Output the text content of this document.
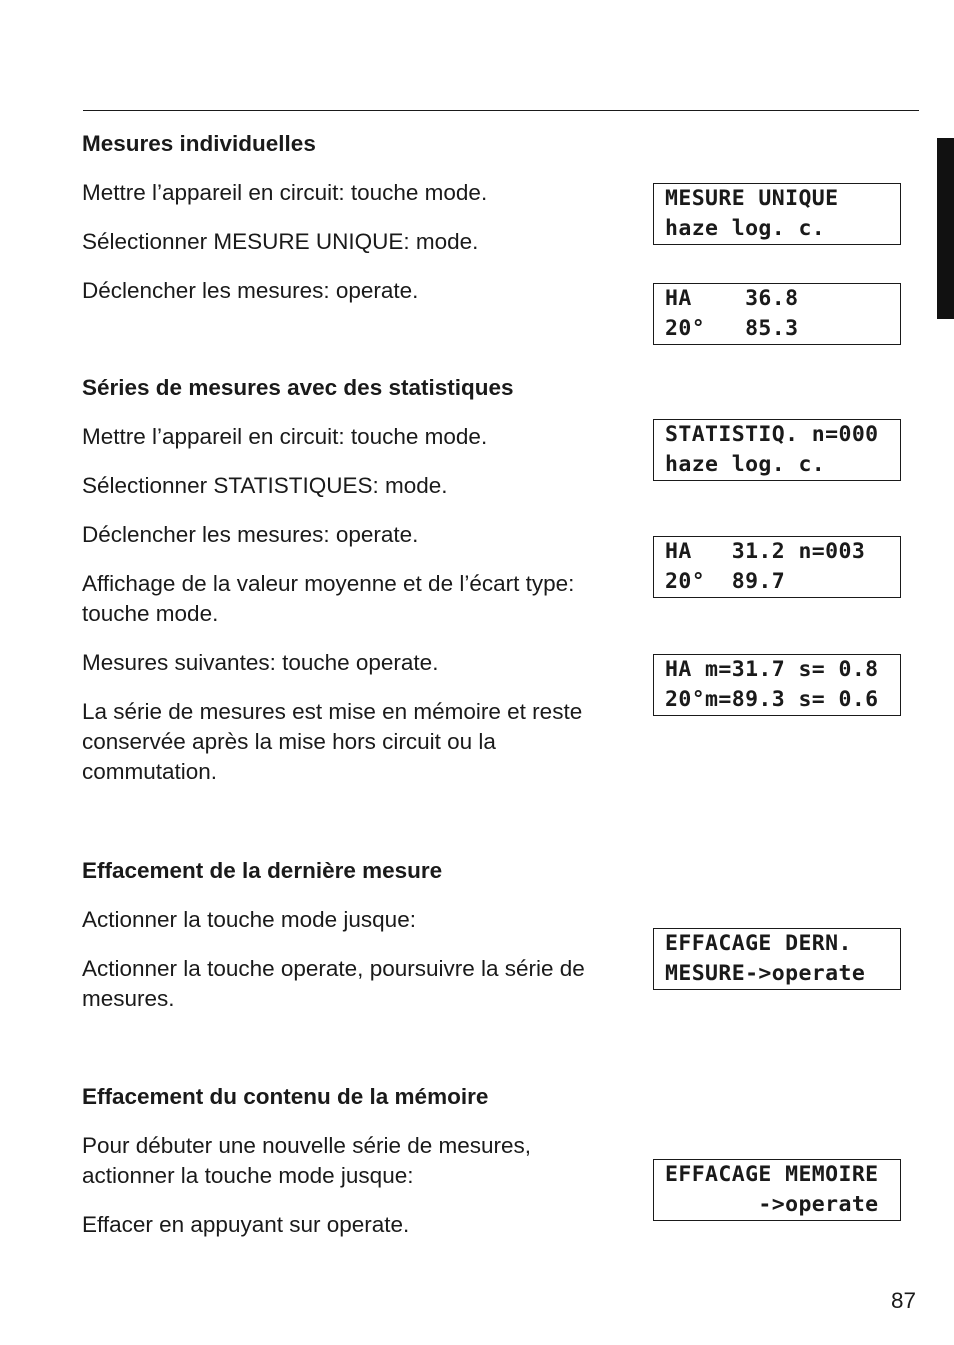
Mesures individuelles

Mettre l’appareil en circuit: touche mode.

Sélectionner MESURE UNIQUE: mode.

Déclencher les mesures: operate.

MESURE UNIQUE
haze log. c.
HA    36.8
20°   85.3
Séries de mesures avec des statistiques

Mettre l’appareil en circuit: touche mode.

Sélectionner STATISTIQUES: mode.

Déclencher les mesures: operate.

Affichage de la valeur moyenne et de l’écart type: touche mode.

Mesures suivantes: touche operate.

La série de mesures est mise en mémoire et reste conservée après la mise hors circuit ou la commutation.

STATISTIQ. n=000
haze log. c.
HA   31.2 n=003
20°  89.7
HA m=31.7 s= 0.8
20°m=89.3 s= 0.6
Effacement de la dernière mesure

Actionner la touche mode jusque:

Actionner la touche operate, poursuivre la série de mesures.

EFFACAGE DERN.
MESURE->operate
Effacement du contenu de la mémoire

Pour débuter une nouvelle série de mesures, actionner la touche mode jusque:

Effacer en appuyant sur operate.

EFFACAGE MEMOIRE
->operate
87
